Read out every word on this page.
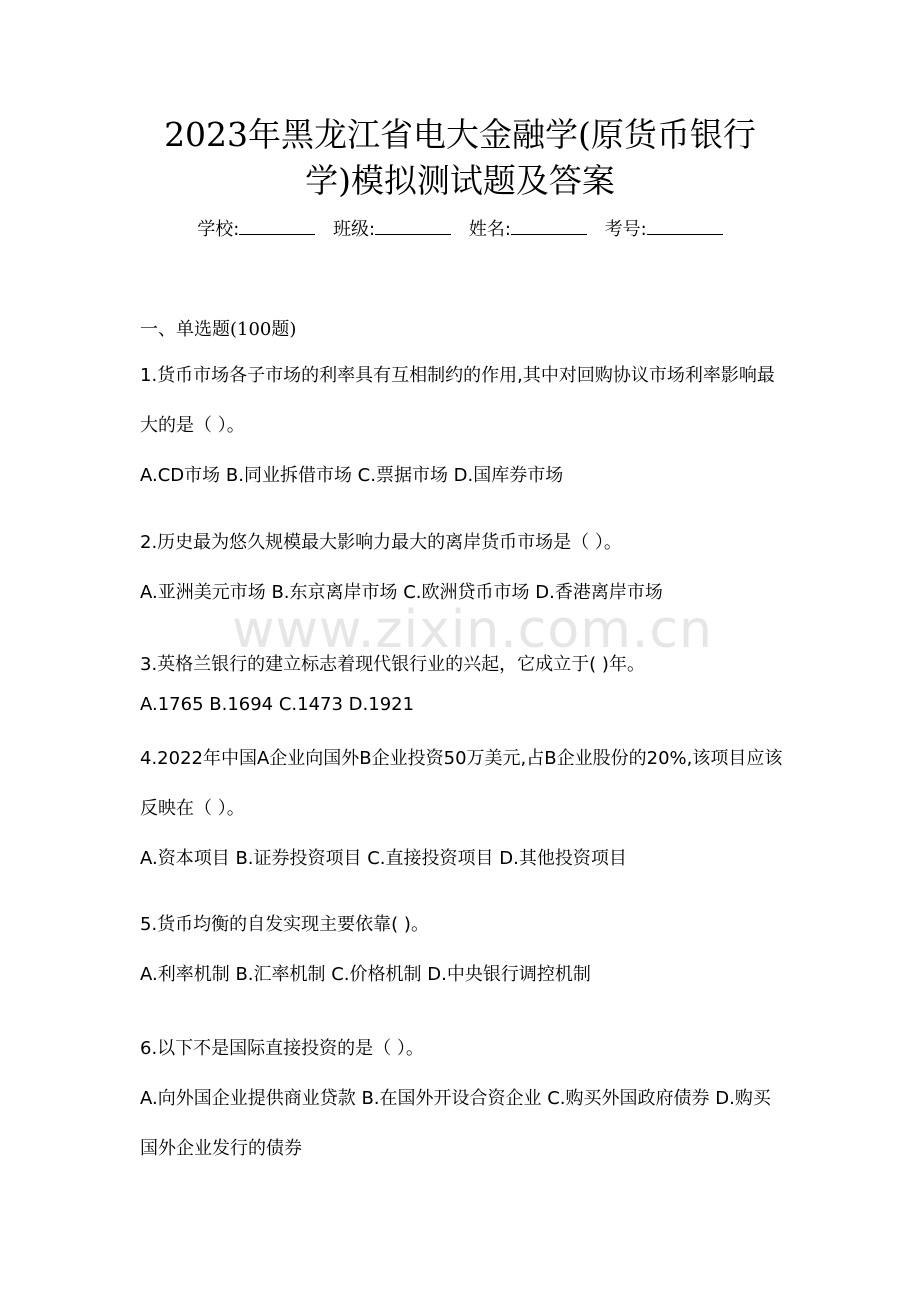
www.zixin.com.cn
2023年黑龙江省电大金融学(原货币银行
学)模拟测试题及答案
学校:	班级:	姓名:	考号:
一、单选题(100题)
1.货币市场各子市场的利率具有互相制约的作用,其中对回购协议市场利率影响最大的是（ ）。
A.CD市场 B.同业拆借市场 C.票据市场 D.国库券市场
2.历史最为悠久规模最大影响力最大的离岸货币市场是（ ）。
A.亚洲美元市场 B.东京离岸市场 C.欧洲贷币市场 D.香港离岸市场
3.英格兰银行的建立标志着现代银行业的兴起，它成立于( )年。
A.1765 B.1694 C.1473 D.1921
4.2022年中国A企业向国外B企业投资50万美元,占B企业股份的20%,该项目应该反映在（ ）。
A.资本项目 B.证券投资项目 C.直接投资项目 D.其他投资项目
5.货币均衡的自发实现主要依靠( )。
A.利率机制 B.汇率机制 C.价格机制 D.中央银行调控机制
6.以下不是国际直接投资的是（ ）。
A.向外国企业提供商业贷款 B.在国外开设合资企业 C.购买外国政府债券 D.购买国外企业发行的债券
